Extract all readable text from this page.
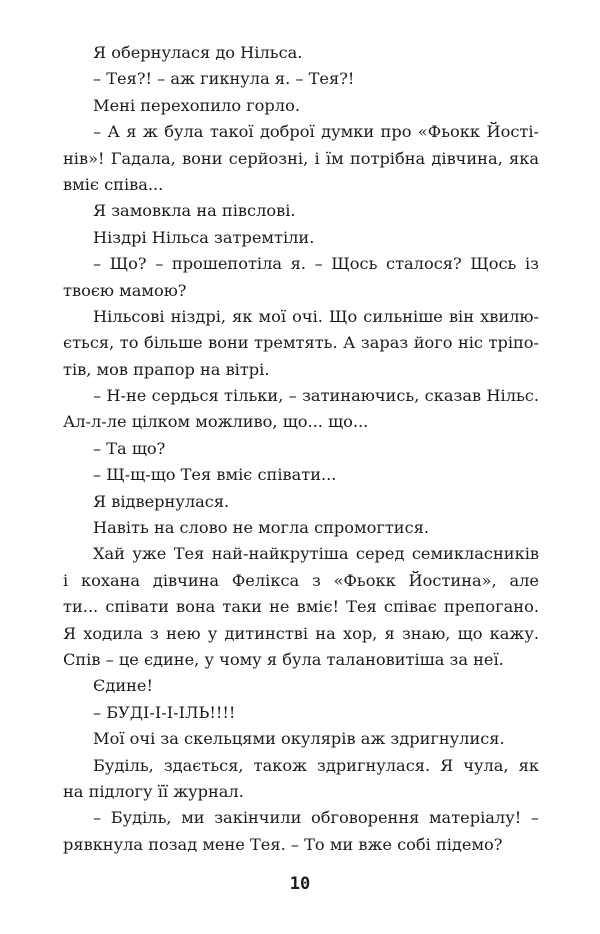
Я обернулася до Нільса.
– Тея?! – аж гикнула я. – Тея?!
Мені перехопило горло.
– А я ж була такої доброї думки про «Фьокк Йості-
нів»! Гадала, вони серйозні, і їм потрібна дівчина, яка
вміє співа...
Я замовкла на півслові.
Ніздрі Нільса затремтіли.
– Що? – прошепотіла я. – Щось сталося? Щось із
твоєю мамою?
Нільсові ніздрі, як мої очі. Що сильніше він хвилю-
ється, то більше вони тремтять. А зараз його ніс тріпо-
тів, мов прапор на вітрі.
– Н-не сердься тільки, – затинаючись, сказав Нільс.
Ал-л-ле цілком можливо, що... що...
– Та що?
– Щ-щ-що Тея вміє співати...
Я відвернулася.
Навіть на слово не могла спромогтися.
Хай уже Тея най-найкрутіша серед семикласників
і кохана дівчина Фелікса з «Фьокк Йостина», але
ти... співати вона таки не вміє! Тея співає препогано.
Я ходила з нею у дитинстві на хор, я знаю, що кажу.
Спів – це єдине, у чому я була талановитіша за неї.
Єдине!
– БУДІ-І-І-ІЛЬ!!!!
Мої очі за скельцями окулярів аж здригнулися.
Буділь, здається, також здригнулася. Я чула, як
на підлогу її журнал.
– Буділь, ми закінчили обговорення матеріалу! –
рявкнула позад мене Тея. – То ми вже собі підемо?
10
